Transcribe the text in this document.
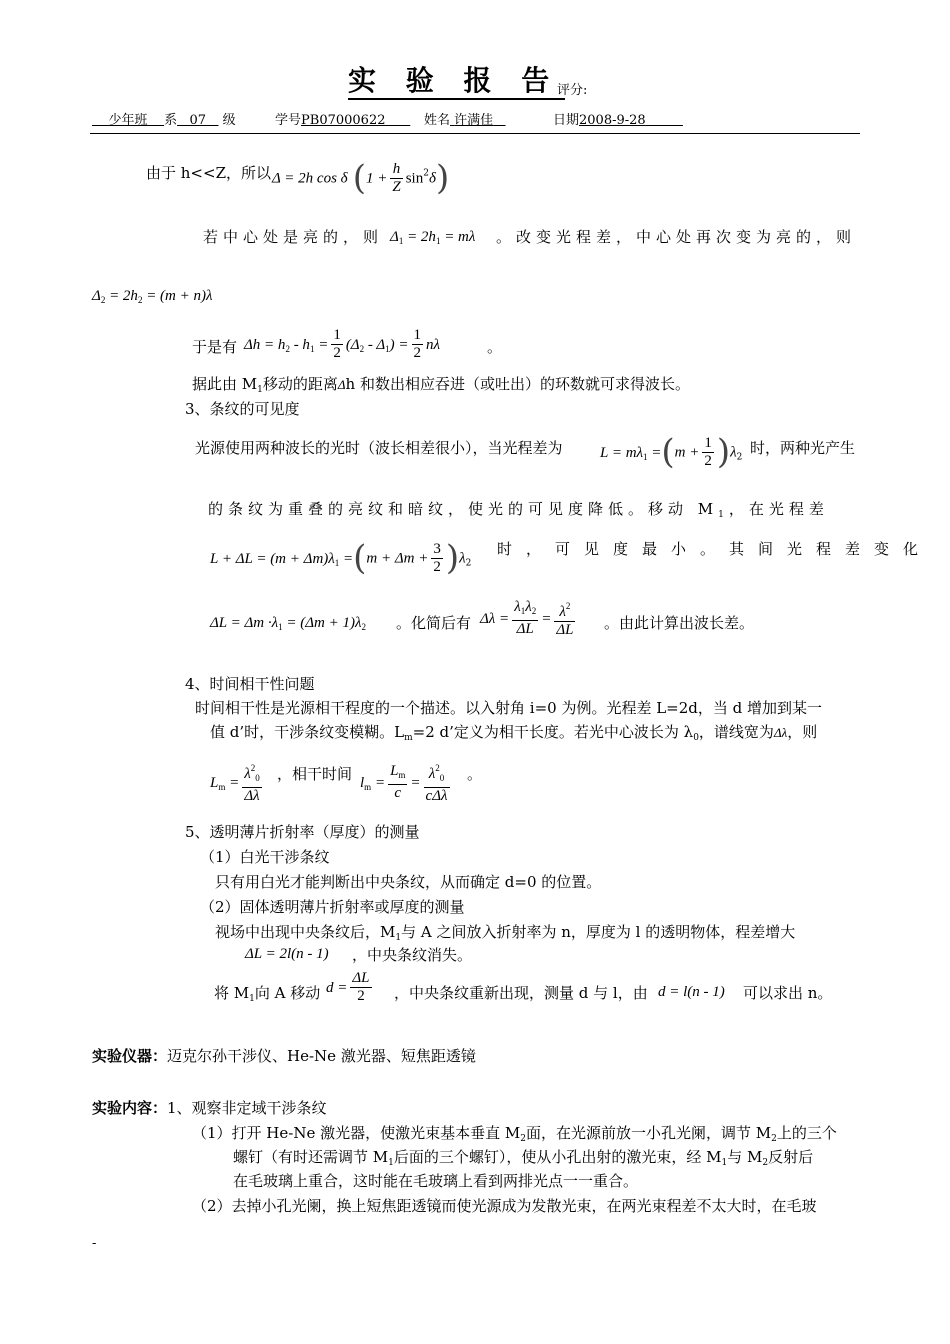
实 验 报 告
评分:
少年班 系 07 级	学号PB07000622	姓名 许满佳	日期2008-9-28
由于 h<<Z，所以 Δ = 2h cos δ $(1 + \frac{h}{Z} \sin^2\delta)$
若中心处是亮的，则 $\Delta_1 = 2h_1 = m\lambda$ 。改变光程差，中心处再次变为亮的，则
$\Delta_2 = 2h_2 = (m + n)\lambda$
于是有 $\Delta h = h_2 - h_1 = \frac{1}{2} (\Delta_2 - \Delta_1) = \frac{1}{2}$ nλ	。
据此由 $M_1$移动的距离Δh 和数出相应吞进（或吐出）的环数就可求得波长。
3、条纹的可见度
光源使用两种波长的光时（波长相差很小），当光程差为 $L = m\lambda_1 =(m + \frac{1}{2} )\lambda_2$
时，两种光产生
的条纹为重叠的亮纹和暗纹，使光的可见度降低。移动 $M_1$，在光程差
$L + \Delta L = (m + \Delta m)\lambda_1 =(m + \Delta m + \frac{3}{2} )\lambda_2$
时，可见度最小。其间光程差变化
$\Delta L = \Delta m \cdot\lambda_1 = (\Delta m + 1)\lambda_2$ 。化简后有 $\Delta\lambda = \frac{\lambda_1\lambda_2}{\Delta L} = \frac{\lambda^2}{\Delta L}$ 。由此计算出波长差。
4、时间相干性问题
时间相干性是光源相干程度的一个描述。以入射角 i=0 为例。光程差 L=2d，当 d 增加到某一
值 d’时，干涉条纹变模糊。$L_m=2$ d’定义为相干长度。若光中心波长为 $\lambda_0$，谱线宽为Δλ，则
$L_m = \frac{\lambda^2_0}{\Delta\lambda}$ ，相干时间 $l_m = \frac{L_m}{c} = \frac{\lambda^2_0}{\text{cΔλ}}$ 。
5、透明薄片折射率（厚度）的测量
（1）白光干涉条纹
只有用白光才能判断出中央条纹，从而确定 d=0 的位置。
（2）固体透明薄片折射率或厚度的测量
视场中出现中央条纹后，$M_1$与 A 之间放入折射率为 n，厚度为 l 的透明物体，程差增大
ΔL = 2l(n - 1) ，中央条纹消失。
将 $M_1$向 A 移动 $d = \frac{\Delta L}{2}$ ，中央条纹重新出现，测量 d 与 l，由 d = l(n - 1) 可以求出 n。
实验仪器：迈克尔孙干涉仪、He-Ne 激光器、短焦距透镜
实验内容：1、观察非定域干涉条纹
（1）打开 He-Ne 激光器，使激光束基本垂直 $M_2$面，在光源前放一小孔光阑，调节 $M_2$上的三个
螺钉（有时还需调节 $M_1$后面的三个螺钉），使从小孔出射的激光束，经 $M_1$与 $M_2$反射后
在毛玻璃上重合，这时能在毛玻璃上看到两排光点一一重合。
（2）去掉小孔光阑，换上短焦距透镜而使光源成为发散光束，在两光束程差不太大时，在毛玻
-
